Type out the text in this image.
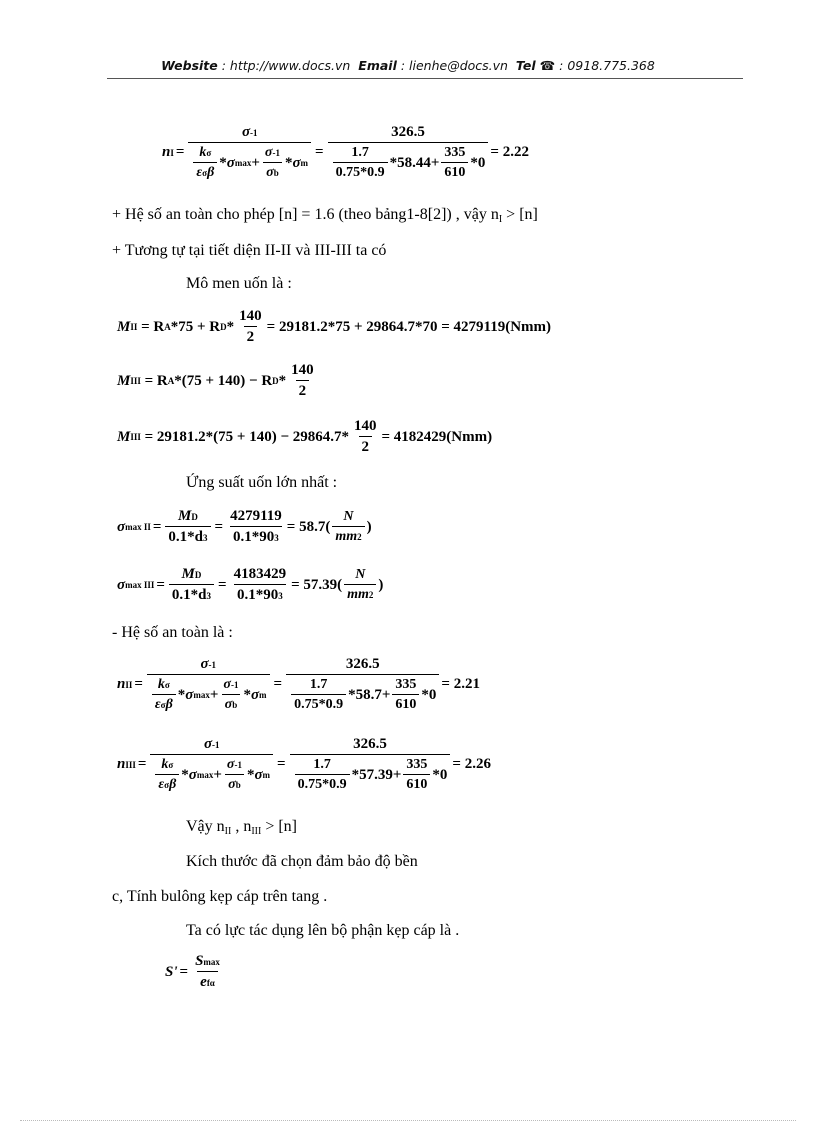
Website : http://www.docs.vn Email : lienhe@docs.vn Tel ☎ : 0918.775.368
n I =
σ -1
k σ
ε σ β
* σ max +
σ -1
σ b
* σ m
= 326.5
1.7
0.75*0.9
$*58.44+ \frac{335}{610} *0 = 2.22$
+ Hệ số an toàn cho phép [n] = 1.6 (theo bảng1-8[2]) , vậy $n_I > [n]$
+ Tương tự tại tiết diện II-II và III-III ta có
Mô men uốn là :
M II
= R A *75 + R $D * \frac{140}{2} = 29181.2*75 + 29864.7*70 = 4279119(Nmm)$
M III
= R A *(75 + 140) − R D *
140
2
M III
= $29181.2*(75 + 140) - 29864.7* \frac{140}{2} = 4182429(Nmm)$
Ứng suất uốn lớn nhất :
σ max II = $\frac{\text{M D}}{0.1*d 3} = \frac{4279119}{0.1*90 3} = 58.7$(
N
mm 2
)
σ max III = $\frac{\text{M D}}{0.1*d 3} = \frac{4183429}{0.1*90 3} = 57.39$(
N
mm 2
)
- Hệ số an toàn là :
n II =
σ -1
k σ
ε σ β
* σ max +
σ -1
σ b
* σ m
= 326.5
1.7
0.75*0.9
$*58.7+ \frac{335}{610} *0 = 2.21$
n III =
σ -1
k σ
ε σ β
* σ max +
σ -1
σ b
* σ m
= 326.5
1.7
0.75*0.9
$*57.39+ \frac{335}{610} *0 = 2.26$
Vậy $n_{II}$ , $n_{III} > [n]$
Kích thước đã chọn đảm bảo độ bền
c, Tính bulông kẹp cáp trên tang .
Ta có lực tác dụng lên bộ phận kẹp cáp là .
S' =
S max
e fα
